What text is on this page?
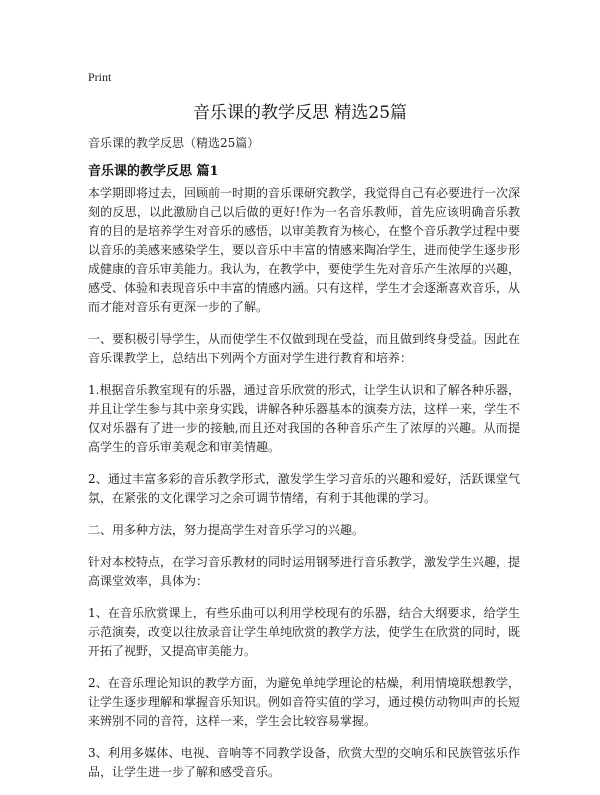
Print
音乐课的教学反思 精选25篇

音乐课的教学反思（精选25篇）

音乐课的教学反思 篇1

本学期即将过去，回顾前一时期的音乐课研究教学，我觉得自己有必要进行一次深刻的反思，以此激励自己以后做的更好!作为一名音乐教师，首先应该明确音乐教育的目的是培养学生对音乐的感悟，以审美教育为核心，在整个音乐教学过程中要以音乐的美感来感染学生，要以音乐中丰富的情感来陶冶学生，进而使学生逐步形成健康的音乐审美能力。我认为，在教学中，要使学生先对音乐产生浓厚的兴趣，感受、体验和表现音乐中丰富的情感内涵。只有这样，学生才会逐渐喜欢音乐，从而才能对音乐有更深一步的了解。

一、要积极引导学生，从而使学生不仅做到现在受益，而且做到终身受益。因此在音乐课教学上，总结出下列两个方面对学生进行教育和培养：

1.根据音乐教室现有的乐器，通过音乐欣赏的形式，让学生认识和了解各种乐器，并且让学生参与其中亲身实践，讲解各种乐器基本的演奏方法，这样一来，学生不仅对乐器有了进一步的接触,而且还对我国的各种音乐产生了浓厚的兴趣。从而提高学生的音乐审美观念和审美情趣。

2、通过丰富多彩的音乐教学形式，激发学生学习音乐的兴趣和爱好，活跃课堂气氛，在紧张的文化课学习之余可调节情绪，有利于其他课的学习。

二、用多种方法，努力提高学生对音乐学习的兴趣。

针对本校特点，在学习音乐教材的同时运用钢琴进行音乐教学，激发学生兴趣，提高课堂效率，具体为：

1、在音乐欣赏课上，有些乐曲可以利用学校现有的乐器，结合大纲要求，给学生示范演奏，改变以往放录音让学生单纯欣赏的教学方法，使学生在欣赏的同时，既开拓了视野，又提高审美能力。

2、在音乐理论知识的教学方面，为避免单纯学理论的枯燥，利用情境联想教学，让学生逐步理解和掌握音乐知识。例如音符实值的学习，通过模仿动物叫声的长短来辨别不同的音符，这样一来，学生会比较容易掌握。

3、利用多媒体、电视、音响等不同教学设备，欣赏大型的交响乐和民族管弦乐作品，让学生进一步了解和感受音乐。
